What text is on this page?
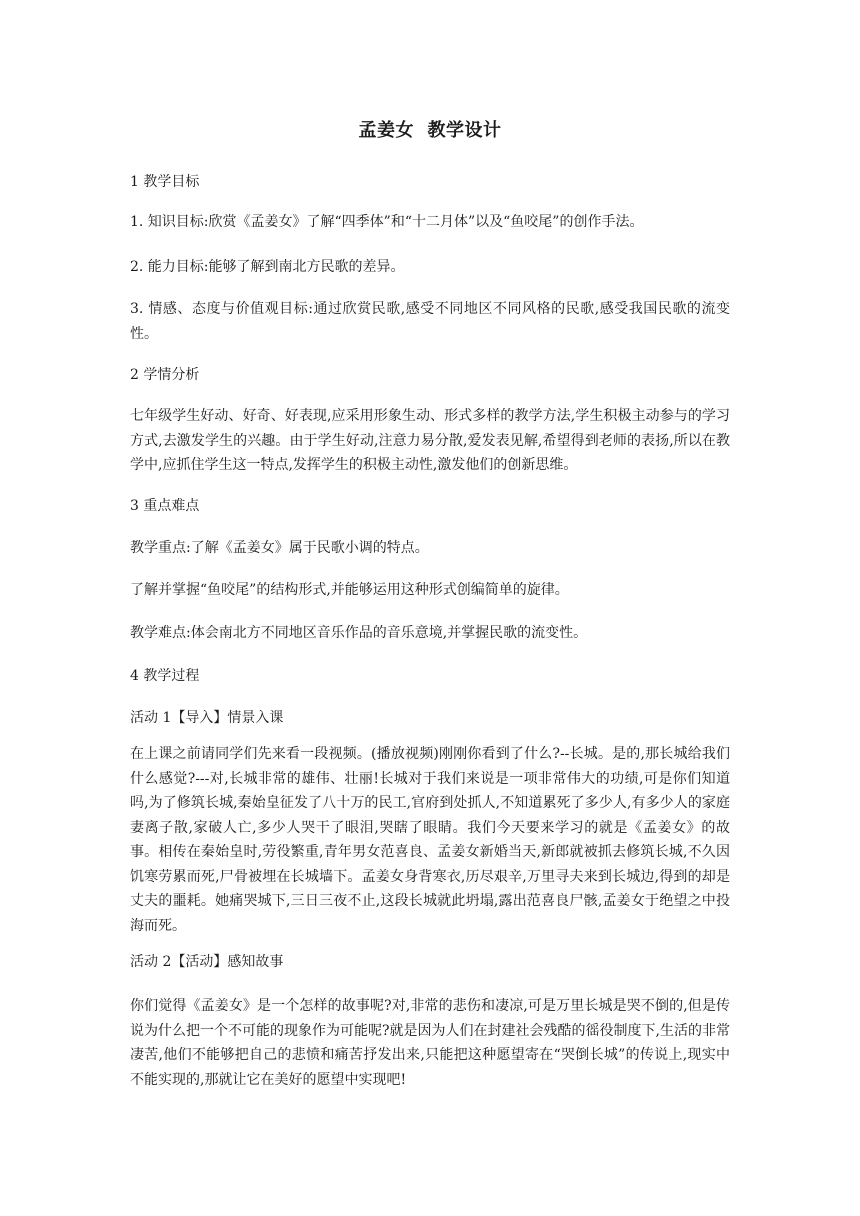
孟姜女  教学设计

1 教学目标

1. 知识目标:欣赏《孟姜女》了解“四季体”和“十二月体”以及“鱼咬尾”的创作手法。

2. 能力目标:能够了解到南北方民歌的差异。

3. 情感、态度与价值观目标:通过欣赏民歌,感受不同地区不同风格的民歌,感受我国民歌的流变性。

2 学情分析

七年级学生好动、好奇、好表现,应采用形象生动、形式多样的教学方法,学生积极主动参与的学习方式,去激发学生的兴趣。由于学生好动,注意力易分散,爱发表见解,希望得到老师的表扬,所以在教学中,应抓住学生这一特点,发挥学生的积极主动性,激发他们的创新思维。

3 重点难点

教学重点:了解《孟姜女》属于民歌小调的特点。

了解并掌握“鱼咬尾”的结构形式,并能够运用这种形式创编简单的旋律。

教学难点:体会南北方不同地区音乐作品的音乐意境,并掌握民歌的流变性。

4 教学过程

活动 1【导入】情景入课

在上课之前请同学们先来看一段视频。(播放视频)刚刚你看到了什么?--长城。是的,那长城给我们什么感觉?---对,长城非常的雄伟、壮丽!长城对于我们来说是一项非常伟大的功绩,可是你们知道吗,为了修筑长城,秦始皇征发了八十万的民工,官府到处抓人,不知道累死了多少人,有多少人的家庭妻离子散,家破人亡,多少人哭干了眼泪,哭瞎了眼睛。我们今天要来学习的就是《孟姜女》的故事。相传在秦始皇时,劳役繁重,青年男女范喜良、孟姜女新婚当天,新郎就被抓去修筑长城,不久因饥寒劳累而死,尸骨被埋在长城墙下。孟姜女身背寒衣,历尽艰辛,万里寻夫来到长城边,得到的却是丈夫的噩耗。她痛哭城下,三日三夜不止,这段长城就此坍塌,露出范喜良尸骸,孟姜女于绝望之中投海而死。

活动 2【活动】感知故事

你们觉得《孟姜女》是一个怎样的故事呢?对,非常的悲伤和凄凉,可是万里长城是哭不倒的,但是传说为什么把一个不可能的现象作为可能呢?就是因为人们在封建社会残酷的徭役制度下,生活的非常凄苦,他们不能够把自己的悲愤和痛苦抒发出来,只能把这种愿望寄在“哭倒长城”的传说上,现实中不能实现的,那就让它在美好的愿望中实现吧!
